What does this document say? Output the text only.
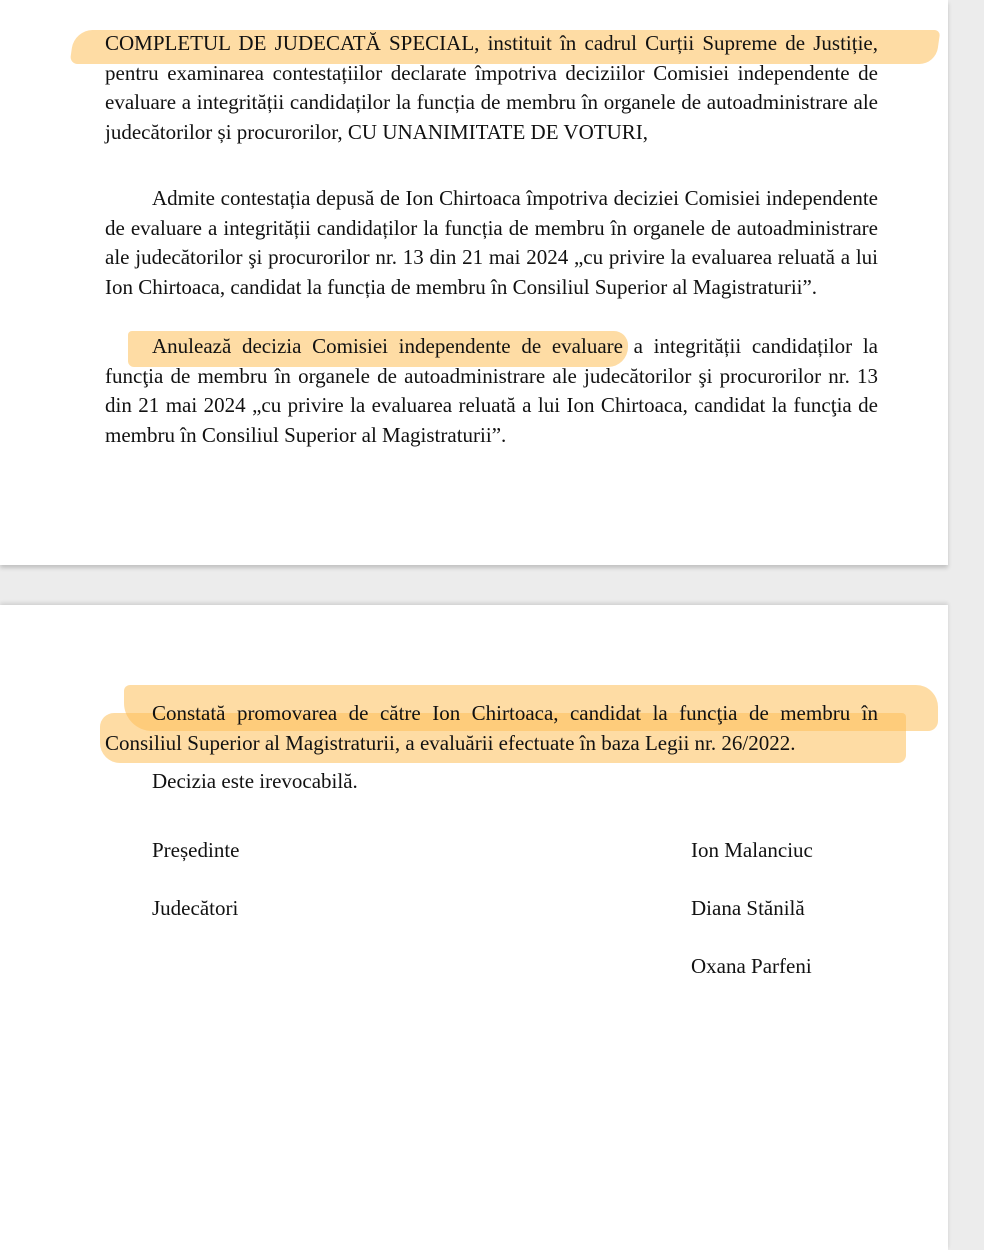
COMPLETUL DE JUDECATĂ SPECIAL, instituit în cadrul Curții Supreme de Justiție, pentru examinarea contestațiilor declarate împotriva deciziilor Comisiei independente de evaluare a integrității candidaților la funcția de membru în organele de autoadministrare ale judecătorilor și procurorilor, CU UNANIMITATE DE VOTURI,

Admite contestația depusă de Ion Chirtoaca împotriva deciziei Comisiei independente de evaluare a integrității candidaților la funcția de membru în organele de autoadministrare ale judecătorilor şi procurorilor nr. 13 din 21 mai 2024 „cu privire la evaluarea reluată a lui Ion Chirtoaca, candidat la funcția de membru în Consiliul Superior al Magistraturii”.

Anulează decizia Comisiei independente de evaluare a integrității candidaților la funcţia de membru în organele de autoadministrare ale judecătorilor şi procurorilor nr. 13 din 21 mai 2024 „cu privire la evaluarea reluată a lui Ion Chirtoaca, candidat la funcţia de membru în Consiliul Superior al Magistraturii”.

Constată promovarea de către Ion Chirtoaca, candidat la funcţia de membru în Consiliul Superior al Magistraturii, a evaluării efectuate în baza Legii nr. 26/2022.

Decizia este irevocabilă.

Președinte	Ion Malanciuc
Judecători	Diana Stănilă
Oxana Parfeni
